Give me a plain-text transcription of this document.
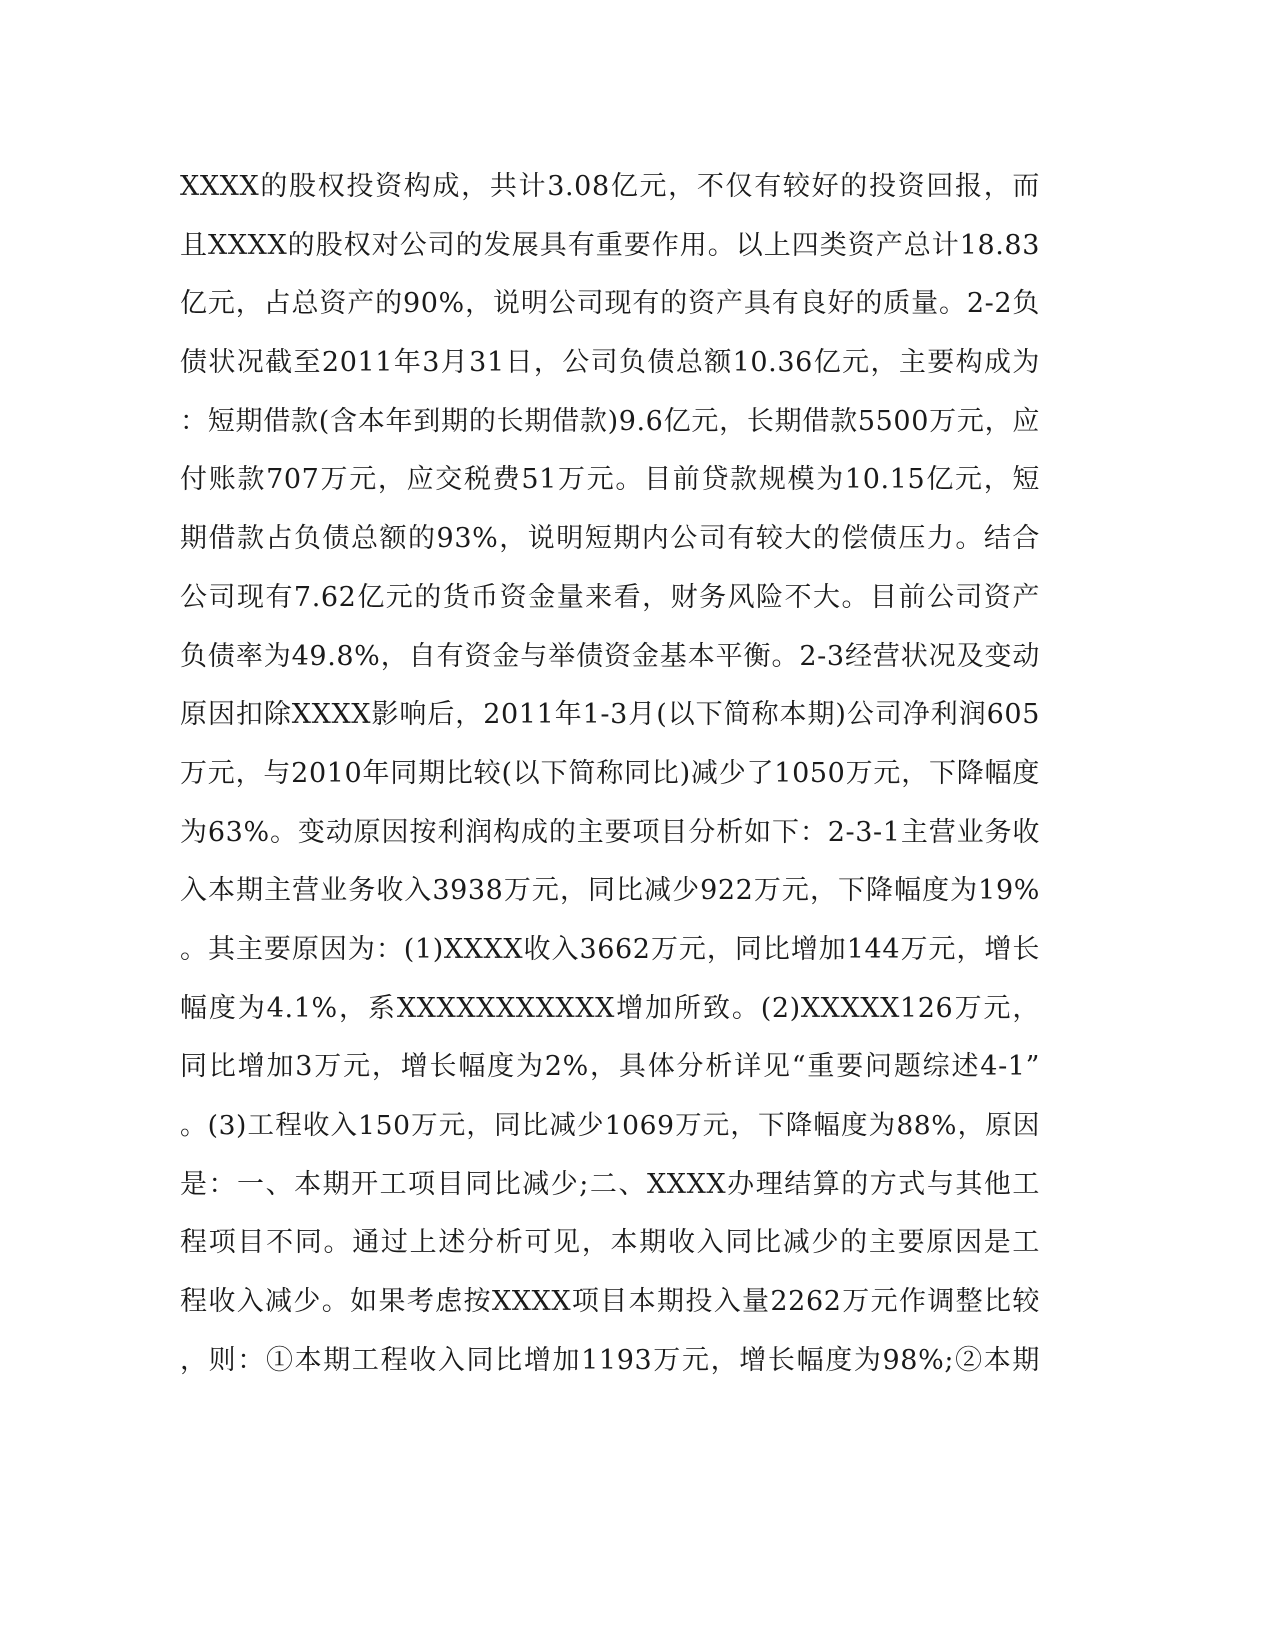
XXXX的股权投资构成，共计3.08亿元，不仅有较好的投资回报，而
且XXXX的股权对公司的发展具有重要作用。以上四类资产总计18.83
亿元，占总资产的90%，说明公司现有的资产具有良好的质量。2-2负
债状况截至2011年3月31日，公司负债总额10.36亿元，主要构成为
：短期借款(含本年到期的长期借款)9.6亿元，长期借款5500万元，应
付账款707万元，应交税费51万元。目前贷款规模为10.15亿元，短
期借款占负债总额的93%，说明短期内公司有较大的偿债压力。结合
公司现有7.62亿元的货币资金量来看，财务风险不大。目前公司资产
负债率为49.8%，自有资金与举债资金基本平衡。2-3经营状况及变动
原因扣除XXXX影响后，2011年1-3月(以下简称本期)公司净利润605
万元，与2010年同期比较(以下简称同比)减少了1050万元，下降幅度
为63%。变动原因按利润构成的主要项目分析如下：2-3-1主营业务收
入本期主营业务收入3938万元，同比减少922万元，下降幅度为19%
。其主要原因为：(1)XXXX收入3662万元，同比增加144万元，增长
幅度为4.1%，系XXXXXXXXXXX增加所致。(2)XXXXX126万元，
同比增加3万元，增长幅度为2%，具体分析详见“重要问题综述4-1”
。(3)工程收入150万元，同比减少1069万元，下降幅度为88%，原因
是：一、本期开工项目同比减少;二、XXXX办理结算的方式与其他工
程项目不同。通过上述分析可见，本期收入同比减少的主要原因是工
程收入减少。如果考虑按XXXX项目本期投入量2262万元作调整比较
，则：①本期工程收入同比增加1193万元，增长幅度为98%;②本期
